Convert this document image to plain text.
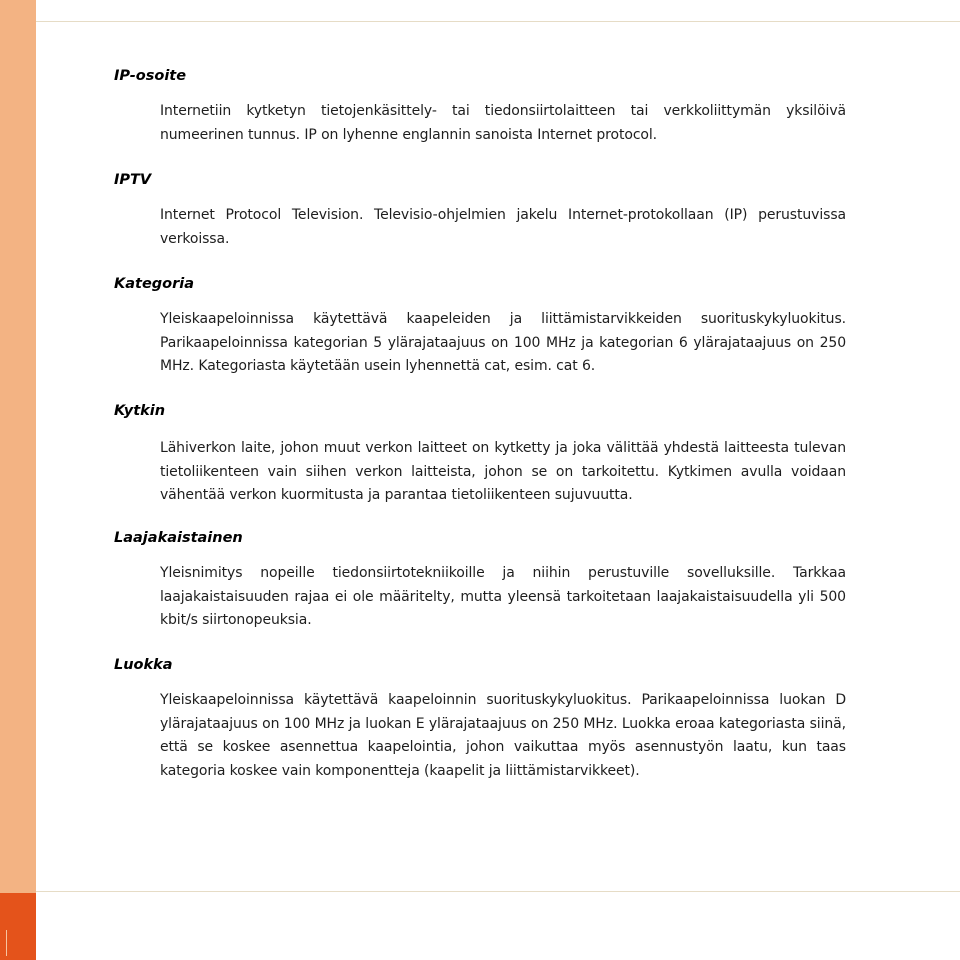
IP-osoite

Internetiin kytketyn tietojenkäsittely- tai tiedonsiirtolaitteen tai verkkoliittymän yksilöivä numeerinen tunnus. IP on lyhenne englannin sanoista Internet protocol.

IPTV

Internet Protocol Television. Televisio-ohjelmien jakelu Internet-protokollaan (IP) perustuvissa verkoissa.

Kategoria

Yleiskaapeloinnissa käytettävä kaapeleiden ja liittämistarvikkeiden suorituskykyluokitus. Parikaapeloinnissa kategorian 5 ylärajataajuus on 100 MHz ja kategorian 6 ylärajataajuus on 250 MHz. Kategoriasta käytetään usein lyhennettä cat, esim. cat 6.

Kytkin

Lähiverkon laite, johon muut verkon laitteet on kytketty ja joka välittää yhdestä laitteesta tulevan tietoliikenteen vain siihen verkon laitteista, johon se on tarkoitettu. Kytkimen avulla voidaan vähentää verkon kuormitusta ja parantaa tietoliikenteen sujuvuutta.

Laajakaistainen

Yleisnimitys nopeille tiedonsiirtotekniikoille ja niihin perustuville sovelluksille. Tarkkaa laajakaistaisuuden rajaa ei ole määritelty, mutta yleensä tarkoitetaan laajakaistaisuudella yli 500 kbit/s siirtonopeuksia.

Luokka

Yleiskaapeloinnissa käytettävä kaapeloinnin suorituskykyluokitus. Parikaapeloinnissa luokan D ylärajataajuus on 100 MHz ja luokan E ylärajataajuus on 250 MHz. Luokka eroaa kategoriasta siinä, että se koskee asennettua kaapelointia, johon vaikuttaa myös asennustyön laatu, kun taas kategoria koskee vain komponentteja (kaapelit ja liittämistarvikkeet).
